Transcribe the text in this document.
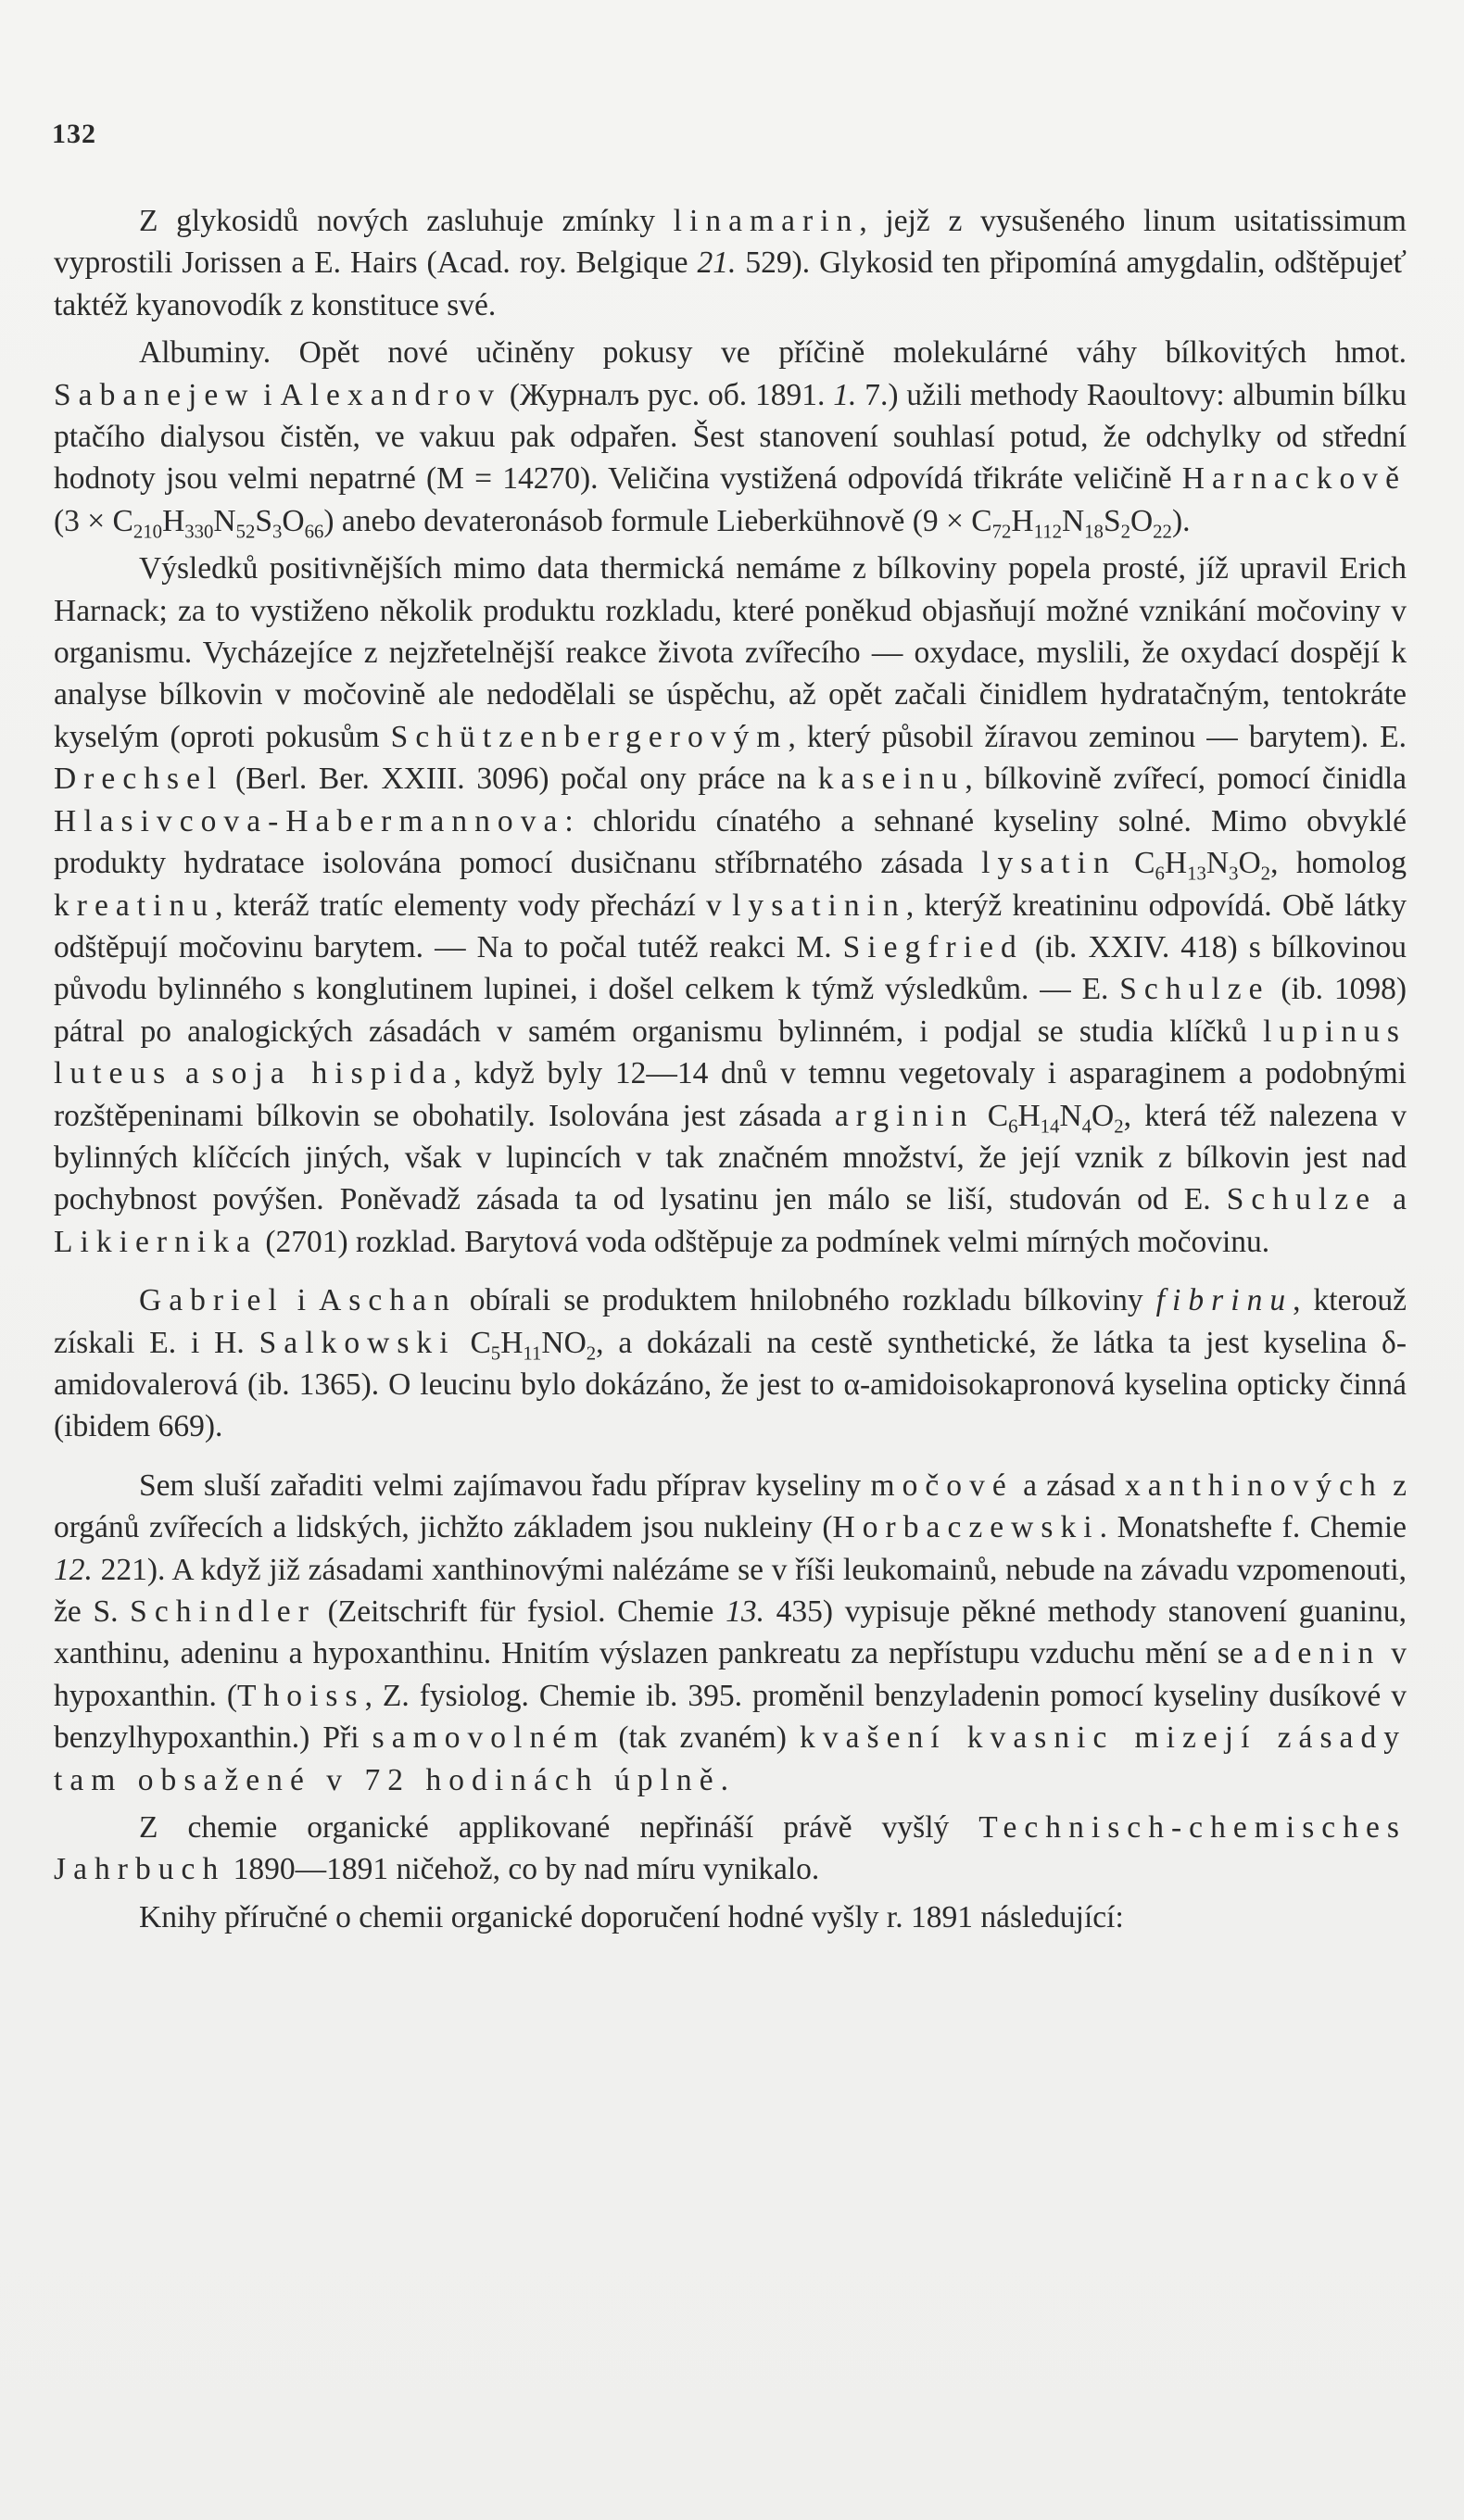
132

Z glykosidů nových zasluhuje zmínky linamarin, jejž z vysušeného linum usitatissimum vyprostili Jorissen a E. Hairs (Acad. roy. Belgique 21. 529). Glykosid ten připomíná amygdalin, odštěpujeť taktéž kyanovodík z konstituce své.

Albuminy. Opět nové učiněny pokusy ve příčině molekulárné váhy bílkovitých hmot. Sabanejew i Alexandrov (Журналъ рус. об. 1891. 1. 7.) užili methody Raoultovy: albumin bílku ptačího dialysou čistěn, ve vakuu pak odpařen. Šest stanovení souhlasí potud, že odchylky od střední hodnoty jsou velmi nepatrné (M = 14270). Veličina vystižená odpovídá třikráte veličině Harnackově $(3 \times C_{210}H_{330}N_{52}S_3O_{66})$ anebo devateronásob formule Lieberkühnově $(9 \times C_{72}H_{112}N_{18}S_2O_{22})$.

Výsledků positivnějších mimo data thermická nemáme z bílkoviny popela prosté, jíž upravil Erich Harnack; za to vystiženo několik produktu rozkladu, které poněkud objasňují možné vznikání močoviny v organismu. Vycházejíce z nejzřetelnější reakce života zvířecího — oxydace, myslili, že oxydací dospějí k analyse bílkovin v močovině ale nedodělali se úspěchu, až opět začali činidlem hydratačným, tentokráte kyselým (oproti pokusům Schützenbergerovým, který působil žíravou zeminou — barytem). E. Drechsel (Berl. Ber. XXIII. 3096) počal ony práce na kaseinu, bílkovině zvířecí, pomocí činidla Hlasivcova-Habermannova: chloridu cínatého a sehnané kyseliny solné. Mimo obvyklé produkty hydratace isolována pomocí dusičnanu stříbrnatého zásada lysatin $C_6H_{13}N_3O_2$, homolog kreatinu, kteráž tratíc elementy vody přechází v lysatinin, kterýž kreatininu odpovídá. Obě látky odštěpují močovinu barytem. — Na to počal tutéž reakci M. Siegfried (ib. XXIV. 418) s bílkovinou původu bylinného s konglutinem lupinei, i došel celkem k týmž výsledkům. — E. Schulze (ib. 1098) pátral po analogických zásadách v samém organismu bylinném, i podjal se studia klíčků lupinus luteus a soja hispida, když byly 12—14 dnů v temnu vegetovaly i asparaginem a podobnými rozštěpeninami bílkovin se obohatily. Isolována jest zásada arginin $C_6H_{14}N_4O_2$, která též nalezena v bylinných klíčcích jiných, však v lupincích v tak značném množství, že její vznik z bílkovin jest nad pochybnost povýšen. Poněvadž zásada ta od lysatinu jen málo se liší, studován od E. Schulze a Likiernika (2701) rozklad. Barytová voda odštěpuje za podmínek velmi mírných močovinu.

Gabriel i Aschan obírali se produktem hnilobného rozkladu bílkoviny fibrinu, kterouž získali E. i H. Salkowski $C_5H_{11}NO_2$, a dokázali na cestě synthetické, že látka ta jest kyselina δ-amidovalerová (ib. 1365). O leucinu bylo dokázáno, že jest to α-amidoisokapronová kyselina opticky činná (ibidem 669).

Sem sluší zařaditi velmi zajímavou řadu příprav kyseliny močové a zásad xanthinových z orgánů zvířecích a lidských, jichžto základem jsou nukleiny (Horbaczewski. Monatshefte f. Chemie 12. 221). A když již zásadami xanthinovými nalézáme se v říši leukomainů, nebude na závadu vzpomenouti, že S. Schindler (Zeitschrift für fysiol. Chemie 13. 435) vypisuje pěkné methody stanovení guaninu, xanthinu, adeninu a hypoxanthinu. Hnitím výslazen pankreatu za nepřístupu vzduchu mění se adenin v hypoxanthin. (Thoiss, Z. fysiolog. Chemie ib. 395. proměnil benzyladenin pomocí kyseliny dusíkové v benzylhypoxanthin.) Při samovolném (tak zvaném) kvašení kvasnic mizejí zásady tam obsažené v 72 hodinách úplně.

Z chemie organické applikované nepřináší právě vyšlý Technisch-chemisches Jahrbuch 1890—1891 ničehož, co by nad míru vynikalo.

Knihy příručné o chemii organické doporučení hodné vyšly r. 1891 následující:
